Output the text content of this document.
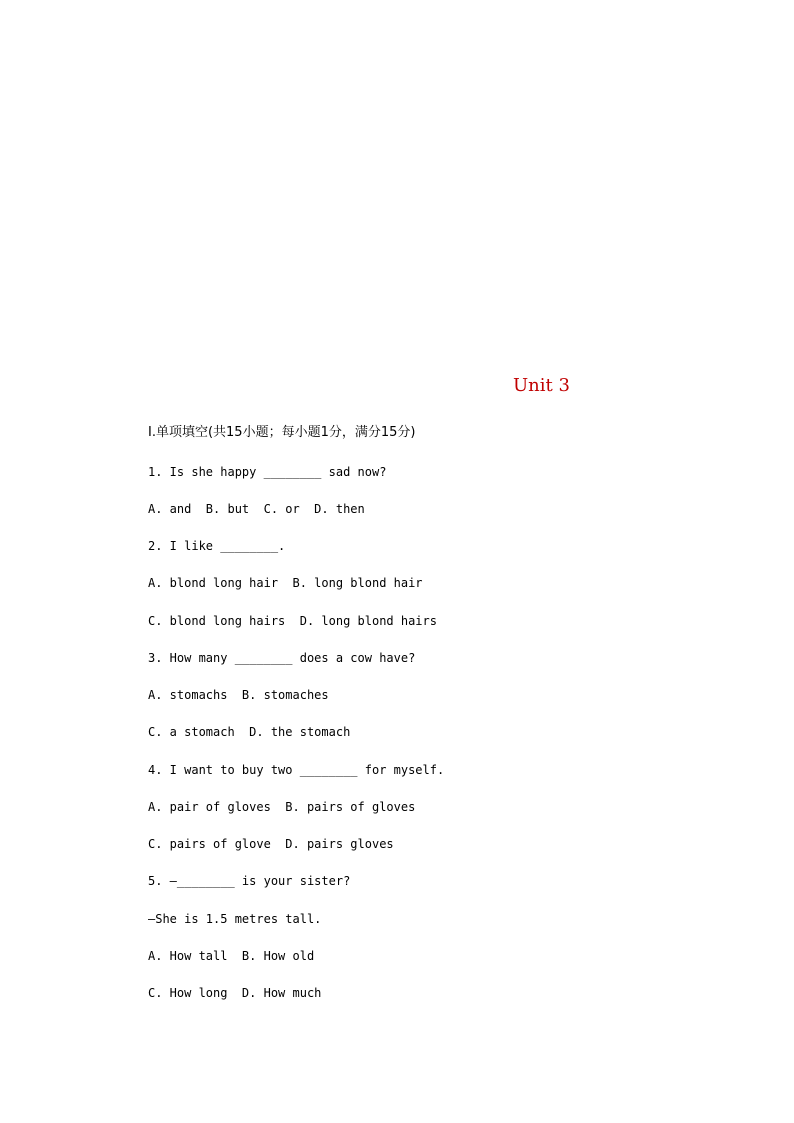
Unit 3
Ⅰ.单项填空(共15小题；每小题1分，满分15分)
1. Is she happy ________ sad now?
A. and  B. but  C. or  D. then
2. I like ________.
A. blond long hair  B. long blond hair
C. blond long hairs  D. long blond hairs
3. How many ________ does a cow have?
A. stomachs  B. stomaches
C. a stomach  D. the stomach
4. I want to buy two ________ for myself.
A. pair of gloves  B. pairs of gloves
C. pairs of glove  D. pairs gloves
5. —________ is your sister?
—She is 1.5 metres tall.
A. How tall  B. How old
C. How long  D. How much
